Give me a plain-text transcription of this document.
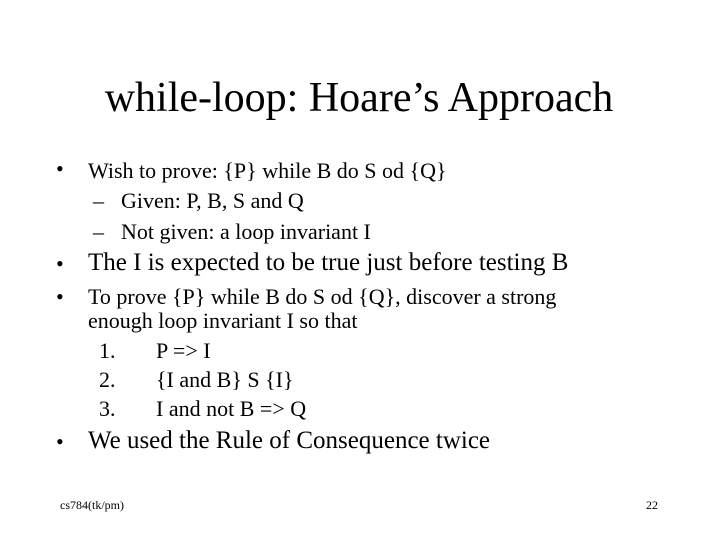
while-loop: Hoare’s Approach
• Wish to prove: {P} while B do S od {Q}
– Given: P, B, S and Q
– Not given: a loop invariant I
• The I is expected to be true just before testing B
• To prove {P} while B do S od {Q}, discover a strong
enough loop invariant I so that
1. P => I
2. {I and B} S {I}
3. I and not B => Q
• We used the Rule of Consequence twice
cs784(tk/pm)	22
